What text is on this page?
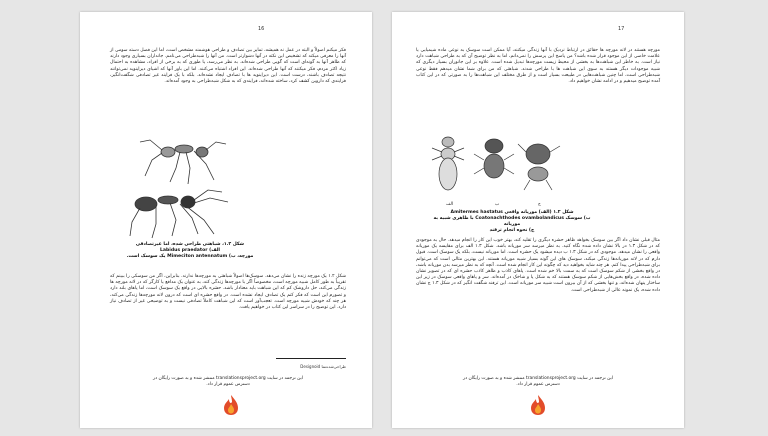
16
فکر میکنم اصولاً و البته در عمل نه همیشه، تمایز بین تصادف و طراحی هوشمند مشخص است، اما این فصل دسته سومی از آنها را معرفی میکند که تشخیص این نکته در آنها دشوارتر است. من آنها را شبه‌طراحی می‌نامم. جانداران بسیاری وجود دارند که ظاهر آنها به گونه‌ای است که گویی طراحی شده‌اند. به نظر می‌رسد، یا طوری که به برخی از افراد، مشاهده به احتمال زیاد اکثر مردم، فکر میکنند که آنها طراحی شده‌اند. این افراد اشتباه می‌کنند. اما این باور آنها که اشیای دیزاینوید نمی‌توانند نتیجه تصادف باشند، درست است. این دیزاینوید ها با تصادف ایجاد نشده‌اند. بلکه با یک فرایند غیر تصادفی شگفت‌انگیز، فرایندی که داروین کشف کرد، ساخته شده‌اند، فرایندی که به شکل شبه‌طراحی به وجود آمده‌اند.
شکل ۱.۲، شباهتی طراحی شده، اما غیرتصادفی
الف) Labidus praedator
مورچه، ب) Mimeciton antennatum یک سوسک است.
شکل ۱.۲ یک مورچه زنده را نشان می‌دهد. سوسک‌ها اصولاً شباهتی به مورچه‌ها ندارند. بنابراین، اگر من سوسکی را ببینم که تقریباً به طور کامل شبیه مورچه است، مخصوصاً اگر با مورچه‌ها زندگی کند، به عنوان یک مدافع یا کارگر که در لانه مورچه ها زندگی می‌کند، حل دارو‌شک کم که این شباهت باید معنادار باشد. حشره بالایی در واقع یک سوسک است، اما پاهای بلند دارد و تصورم این است که فکر کنم یک تصادف ایجاد نشده است. در واقع حشره ای است که درون لانه مورچه‌ها زندگی می‌کند، هر چند که خودش شبیه مورچه است. تعجب‌آور است که این شباهت کاملاً تصادفی نیست و به توضیحی غیر از تصادف نیاز دارد. این توضیح را در سراسر این کتاب در خواهیم یافت.
طراحی‌شده‌نما Designoid
این ترجمه در سایت translationsproject.org منتشر شده و به صورت رایگان در
دسترس عموم قرار داد.
17
مورچه هستند در لانه مورچه ها حقائق در ارتباط نزدیک با آنها زندگی میکنند، آیا ممکن است سوسک به نوعی ماده شیمیایی یا علامت خاصی از این موجود قرار شده باشد؟ من پاسخ این پرسش را نمی‌دانم، اما به نظر توضیح آن که به طراحی شباهت دارد نیاز است. به خاطر این شباهت‌ها به بخشی از محیط زیست مورچه‌ها تبدیل شده است. علاوه بر این جانوران بسیار دیگری که شبیه موجودات دیگر هستند به سوی این شباهت ها با طراحی شدند. شباهتی که من برای شما نشان میدهم فقط نوعی شبه‌طراحی است، اما چنین شباهت‌هایی در طبیعت بسیار است و از طرق مختلف این شباهت‌ها را به صورتی که در این کتاب آمده توضیح میدهیم و در ادامه نشان خواهیم داد.
الف	ب	ج
شکل ۱.۲ (الف) موریانه واقعی Amitermes hastatus
ب) سوسک Coatonachthodes ovambolandicus با ظاهری شبیه به موریانه
ج) نحوه انجام ترفند
مثال قبلی نشان داد اگر بین سوسک بخواهد ظاهر حشره دیگری را تقلید کند، بهتر خوب این کار را انجام میدهد. حال به موجودی که در شکل ۱.۳ در بالا نشان داده شده نگاه کنید. به نظر میرسد سر موریانه باشد. شکل ۱.۳ الف برای مقایسه یک موریانه واقعی را نشان میدهد. موجودی که در شکل ۱.۳ ب دیده میشود یک حشره است. اما موریانه نیست، بلکه یک سوسک است. قبول دارم که در لانه موریانه‌ها زندگی میکند، سوسک های این گونه بسیار شبیه موریانه هستند. این بهترین مثالی است که می‌توانم برای شبه‌طراحی پیدا کنم. هر چند شاید بخواهید دید که چگونه این کار انجام شده است. آنچه که به نظر میرسد بدن موریانه باشد، در واقع بخشی از شکم سوسک است که به سمت بالا خم شده است. پاهای کاذب و ظاهر کاذب حشره ای که در تصویر نشان داده شده، در واقع بخش‌هایی از شکم سوسک هستند که به شکل پا و شاخک در آمده‌اند. سر و پاهای واقعی سوسک در زیر این ساختار پنهان شده‌اند، و تنها بخشی که از آن بیرون است شبیه سر موریانه است. این ترفند شگفت انگیز که در شکل ۱.۳ ج نشان داده شده، یک نمونه عالی از شبه‌طراحی است.
این ترجمه در سایت translationsproject.org منتشر شده و به صورت رایگان در
دسترس عموم قرار داد.
